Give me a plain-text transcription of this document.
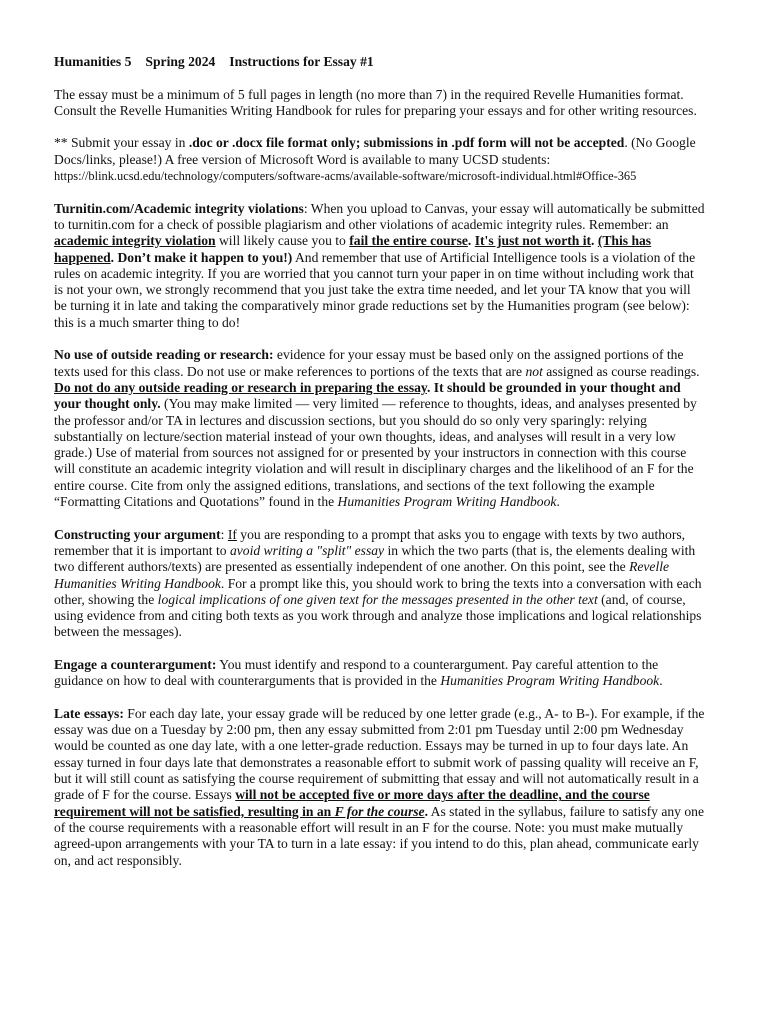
Humanities 5 Spring 2024 Instructions for Essay #1

The essay must be a minimum of 5 full pages in length (no more than 7) in the required Revelle Humanities format. Consult the Revelle Humanities Writing Handbook for rules for preparing your essays and for other writing resources.

** Submit your essay in .doc or .docx file format only; submissions in .pdf form will not be accepted. (No Google Docs/links, please!) A free version of Microsoft Word is available to many UCSD students:
https://blink.ucsd.edu/technology/computers/software-acms/available-software/microsoft-individual.html#Office-365

Turnitin.com/Academic integrity violations: When you upload to Canvas, your essay will automatically be submitted to turnitin.com for a check of possible plagiarism and other violations of academic integrity rules. Remember: an academic integrity violation will likely cause you to fail the entire course. It's just not worth it. (This has happened. Don’t make it happen to you!) And remember that use of Artificial Intelligence tools is a violation of the rules on academic integrity. If you are worried that you cannot turn your paper in on time without including work that is not your own, we strongly recommend that you just take the extra time needed, and let your TA know that you will be turning it in late and taking the comparatively minor grade reductions set by the Humanities program (see below): this is a much smarter thing to do!

No use of outside reading or research: evidence for your essay must be based only on the assigned portions of the texts used for this class. Do not use or make references to portions of the texts that are not assigned as course readings. Do not do any outside reading or research in preparing the essay. It should be grounded in your thought and your thought only. (You may make limited — very limited — reference to thoughts, ideas, and analyses presented by the professor and/or TA in lectures and discussion sections, but you should do so only very sparingly: relying substantially on lecture/section material instead of your own thoughts, ideas, and analyses will result in a very low grade.) Use of material from sources not assigned for or presented by your instructors in connection with this course will constitute an academic integrity violation and will result in disciplinary charges and the likelihood of an F for the entire course. Cite from only the assigned editions, translations, and sections of the text following the example “Formatting Citations and Quotations” found in the Humanities Program Writing Handbook.

Constructing your argument: If you are responding to a prompt that asks you to engage with texts by two authors, remember that it is important to avoid writing a "split" essay in which the two parts (that is, the elements dealing with two different authors/texts) are presented as essentially independent of one another. On this point, see the Revelle Humanities Writing Handbook. For a prompt like this, you should work to bring the texts into a conversation with each other, showing the logical implications of one given text for the messages presented in the other text (and, of course, using evidence from and citing both texts as you work through and analyze those implications and logical relationships between the messages).

Engage a counterargument: You must identify and respond to a counterargument. Pay careful attention to the guidance on how to deal with counterarguments that is provided in the Humanities Program Writing Handbook.

Late essays: For each day late, your essay grade will be reduced by one letter grade (e.g., A- to B-). For example, if the essay was due on a Tuesday by 2:00 pm, then any essay submitted from 2:01 pm Tuesday until 2:00 pm Wednesday would be counted as one day late, with a one letter-grade reduction. Essays may be turned in up to four days late. An essay turned in four days late that demonstrates a reasonable effort to submit work of passing quality will receive an F, but it will still count as satisfying the course requirement of submitting that essay and will not automatically result in a grade of F for the course. Essays will not be accepted five or more days after the deadline, and the course requirement will not be satisfied, resulting in an F for the course. As stated in the syllabus, failure to satisfy any one of the course requirements with a reasonable effort will result in an F for the course. Note: you must make mutually agreed-upon arrangements with your TA to turn in a late essay: if you intend to do this, plan ahead, communicate early on, and act responsibly.
